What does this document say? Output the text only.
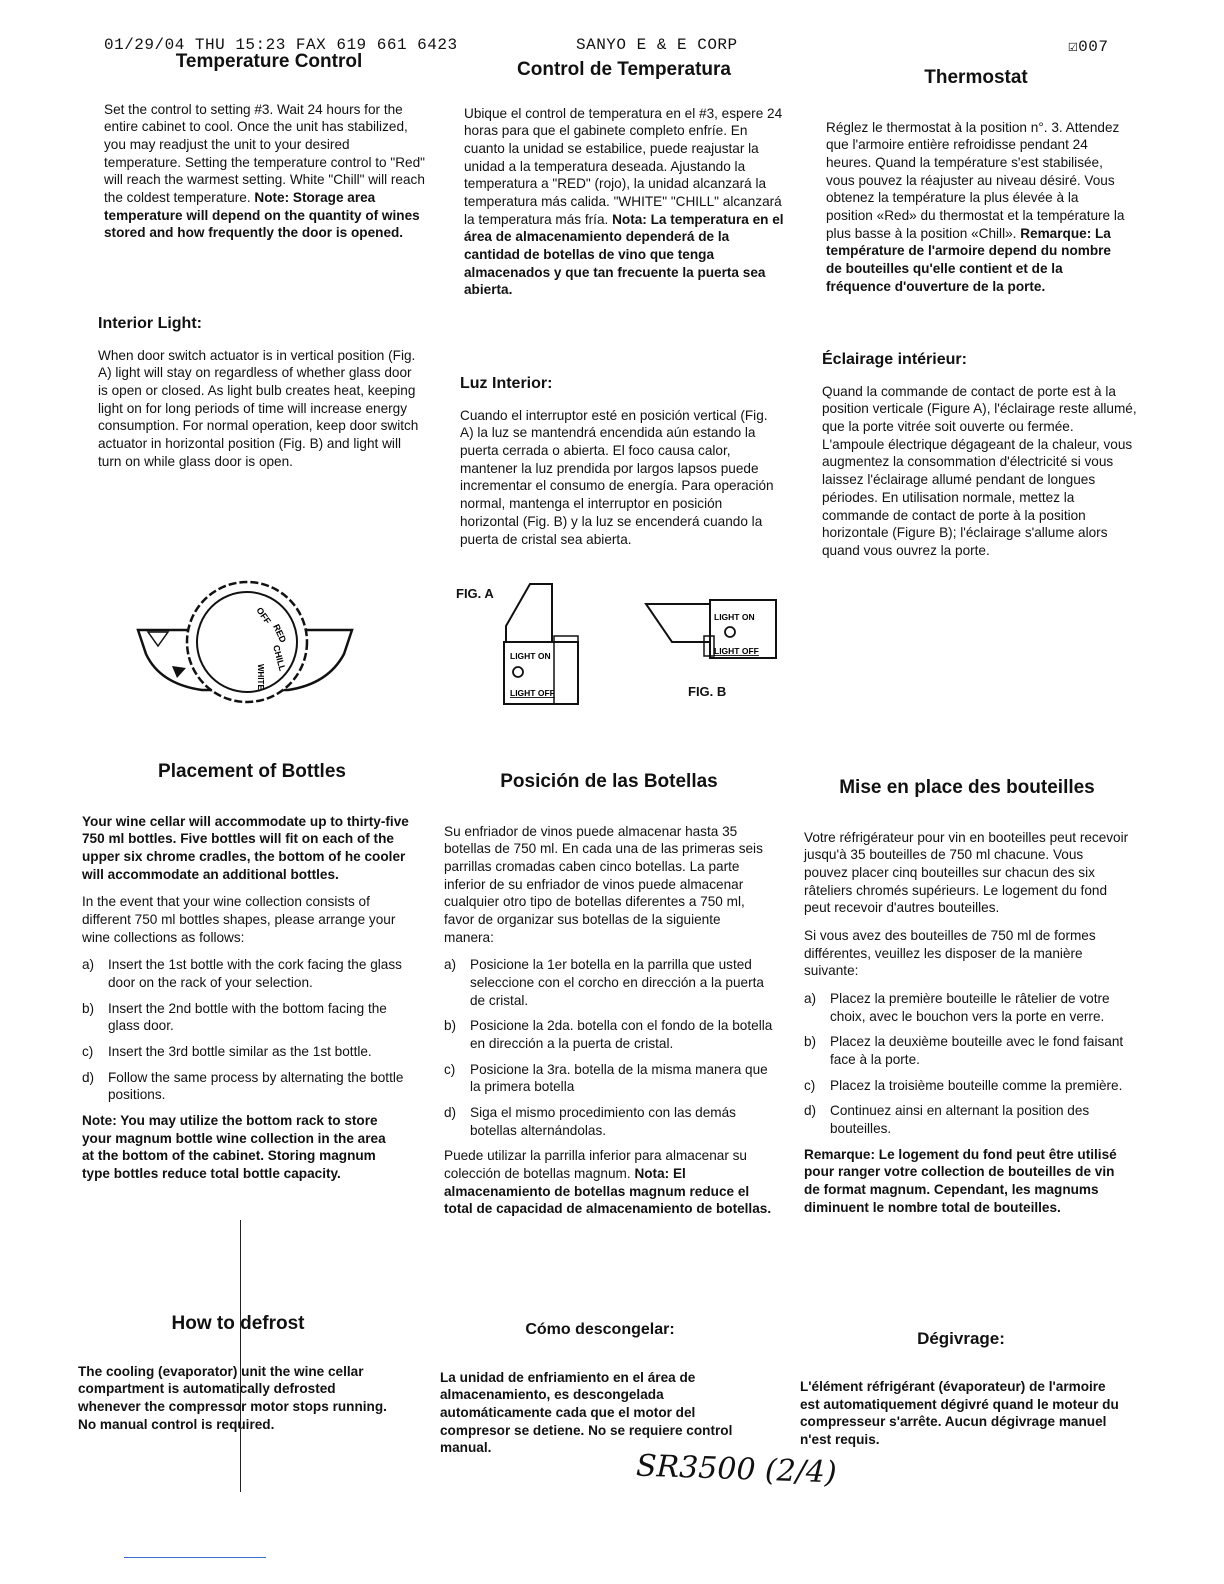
01/29/04 THU 15:23 FAX 619 661 6423	SANYO E & E CORP	☑007
Temperature Control

Set the control to setting #3. Wait 24 hours for the entire cabinet to cool. Once the unit has stabilized, you may readjust the unit to your desired temperature. Setting the temperature control to "Red" will reach the warmest setting. White "Chill" will reach the coldest temperature. Note: Storage area temperature will depend on the quantity of wines stored and how frequently the door is opened.

Control de Temperatura

Ubique el control de temperatura en el #3, espere 24 horas para que el gabinete completo enfríe. En cuanto la unidad se estabilice, puede reajustar la unidad a la temperatura deseada. Ajustando la temperatura a "RED" (rojo), la unidad alcanzará la temperatura más calida. "WHITE" "CHILL" alcanzará la temperatura más fría. Nota: La temperatura en el área de almacenamiento dependerá de la cantidad de botellas de vino que tenga almacenados y que tan frecuente la puerta sea abierta.

Thermostat

Réglez le thermostat à la position n°. 3. Attendez que l'armoire entière refroidisse pendant 24 heures. Quand la température s'est stabilisée, vous pouvez la réajuster au niveau désiré. Vous obtenez la température la plus élevée à la position «Red» du thermostat et la température la plus basse à la position «Chill». Remarque: La température de l'armoire depend du nombre de bouteilles qu'elle contient et de la fréquence d'ouverture de la porte.

Interior Light:

When door switch actuator is in vertical position (Fig. A) light will stay on regardless of whether glass door is open or closed. As light bulb creates heat, keeping light on for long periods of time will increase energy consumption. For normal operation, keep door switch actuator in horizontal position (Fig. B) and light will turn on while glass door is open.

Luz Interior:

Cuando el interruptor esté en posición vertical (Fig. A) la luz se mantendrá encendida aún estando la puerta cerrada o abierta. El foco causa calor, mantener la luz prendida por largos lapsos puede incrementar el consumo de energía. Para operación normal, mantenga el interruptor en posición horizontal (Fig. B) y la luz se encenderá cuando la puerta de cristal sea abierta.

Éclairage intérieur:

Quand la commande de contact de porte est à la position verticale (Figure A), l'éclairage reste allumé, que la porte vitrée soit ouverte ou fermée. L'ampoule électrique dégageant de la chaleur, vous augmentez la consommation d'électricité si vous laissez l'éclairage allumé pendant de longues périodes. En utilisation normale, mettez la commande de contact de porte à la position horizontale (Figure B); l'éclairage s'allume alors quand vous ouvrez la porte.

OFF
RED
CHILL
WHITE
FIG. A
LIGHT ON
LIGHT OFF
LIGHT ON
LIGHT OFF
FIG. B
Placement of Bottles

Your wine cellar will accommodate up to thirty-five 750 ml bottles. Five bottles will fit on each of the upper six chrome cradles, the bottom of he cooler will accommodate an additional bottles.

In the event that your wine collection consists of different 750 ml bottles shapes, please arrange your wine collections as follows:

a)	Insert the 1st bottle with the cork facing the glass door on the rack of your selection.
b)	Insert the 2nd bottle with the bottom facing the glass door.
c)	Insert the 3rd bottle similar as the 1st bottle.
d)	Follow the same process by alternating the bottle positions.

Note: You may utilize the bottom rack to store your magnum bottle wine collection in the area at the bottom of the cabinet. Storing magnum type bottles reduce total bottle capacity.

Posición de las Botellas

Su enfriador de vinos puede almacenar hasta 35 botellas de 750 ml. En cada una de las primeras seis parrillas cromadas caben cinco botellas. La parte inferior de su enfriador de vinos puede almacenar cualquier otro tipo de botellas diferentes a 750 ml, favor de organizar sus botellas de la siguiente manera:

a)	Posicione la 1er botella en la parrilla que usted seleccione con el corcho en dirección a la puerta de cristal.
b)	Posicione la 2da. botella con el fondo de la botella en dirección a la puerta de cristal.
c)	Posicione la 3ra. botella de la misma manera que la primera botella
d)	Siga el mismo procedimiento con las demás botellas alternándolas.

Puede utilizar la parrilla inferior para almacenar su colección de botellas magnum. Nota: El almacenamiento de botellas magnum reduce el total de capacidad de almacenamiento de botellas.

Mise en place des bouteilles

Votre réfrigérateur pour vin en booteilles peut recevoir jusqu'à 35 bouteilles de 750 ml chacune. Vous pouvez placer cinq bouteilles sur chacun des six râteliers chromés supérieurs. Le logement du fond peut recevoir d'autres bouteilles.

Si vous avez des bouteilles de 750 ml de formes différentes, veuillez les disposer de la manière suivante:

a)	Placez la première bouteille le râtelier de votre choix, avec le bouchon vers la porte en verre.
b)	Placez la deuxième bouteille avec le fond faisant face à la porte.
c)	Placez la troisième bouteille comme la première.
d)	Continuez ainsi en alternant la position des bouteilles.

Remarque: Le logement du fond peut être utilisé pour ranger votre collection de bouteilles de vin de format magnum. Cependant, les magnums diminuent le nombre total de bouteilles.

How to defrost

The cooling (evaporator) unit the wine cellar compartment is automatically defrosted whenever the compressor motor stops running. No manual control is required.

Cómo descongelar:

La unidad de enfriamiento en el área de almacenamiento, es descongelada automáticamente cada que el motor del compresor se detiene. No se requiere control manual.

Dégivrage:

L'élément réfrigérant (évaporateur) de l'armoire est automatiquement dégivré quand le moteur du compresseur s'arrête. Aucun dégivrage manuel n'est requis.

SR3500 (2/4)
